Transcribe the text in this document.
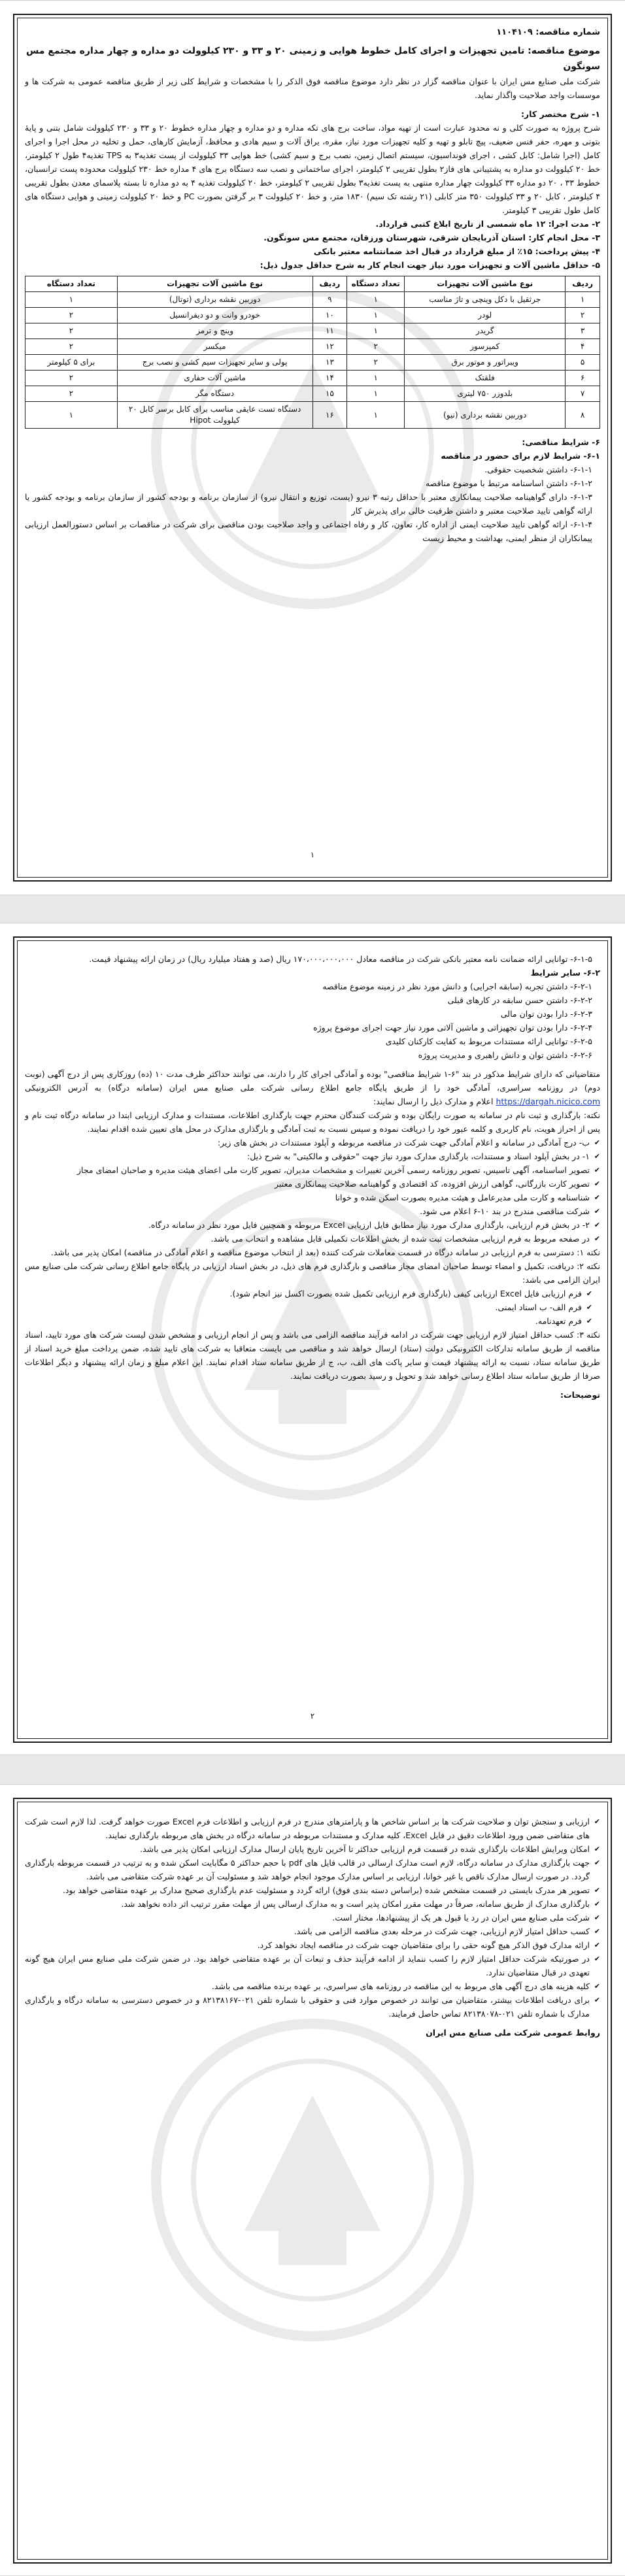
شماره مناقصه: ۱۱۰۴۱۰۹

موضوع مناقصه: تامین تجهیزات و اجرای کامل خطوط هوایی و زمینی ۲۰ و ۳۳ و ۲۳۰ کیلوولت دو مداره و چهار مداره مجتمع مس سونگون

شرکت ملی صنایع مس ایران با عنوان مناقصه گزار در نظر دارد موضوع مناقصه فوق الذکر را با مشخصات و شرایط کلی زیر از طریق مناقصه عمومی به شرکت ها و موسسات واجد صلاحیت واگذار نماید.

۱- شرح مختصر کار:

شرح پروژه به صورت کلی و نه محدود عبارت است از تهیه مواد، ساخت برج های تکه مداره و دو مداره و چهار مداره خطوط ۲۰ و ۳۳ و ۲۳۰ کیلوولت شامل بتنی و پایهٔ بتونی و مهره، حفر فنس ضعیف، پیچ تابلو و تهیه و کلیه تجهیزات مورد نیاز، مقره، یراق آلات و سیم هادی و محافظ، آزمایش کارهای، حمل و تخلیه در محل اجرا و اجرای کامل (اجرا شامل: کابل کشی ، اجرای فونداسیون، سیستم اتصال زمین، نصب برج و سیم کشی) خط هوایی ۳۳ کیلوولت از پست تغذیه۳ به TPS تغذیه۴ طول ۲ کیلومتر، خط ۲۰ کیلوولت دو مداره به پشتیبانی های فاز۲ بطول تقریبی ۲ کیلومتر، اجرای ساختمانی و نصب سه دستگاه برج های ۴ مداره خط ۲۳۰ کیلوولت محدوده پست ترانسبان، خطوط ۳۳ ، ۲۰ دو مداره ۳۳ کیلوولت چهار مداره منتهی به پست تغذیه۳ بطول تقریبی ۲ کیلومتر، خط ۲۰ کیلوولت تغذیه ۴ به دو مداره تا بسته پلاسمای معدن بطول تقریبی ۴ کیلومتر ، کابل ۲۰ و ۳۳ کیلوولت ۳۵۰ متر کابلی (۲۱ رشته تک سیم) ۱۸۳۰ متر، و خط ۲۰ کیلوولت ۳ بر گرفتن بصورت PC و خط ۲۰ کیلوولت زمینی و هوایی دستگاه های کامل طول تقریبی ۳ کیلومتر.

۲- مدت اجرا: ۱۲ ماه شمسی از تاریخ ابلاغ کتبی قرارداد.

۳- محل انجام کار: استان آذربایجان شرقی، شهرستان ورزقان، مجتمع مس سونگون.

۴- پیش پرداخت: ۱۵٪ از مبلغ قرارداد در قبال اخذ ضمانتنامه معتبر بانکی

۵- حداقل ماشین آلات و تجهیزات مورد نیاز جهت انجام کار به شرح حداقل جدول ذیل:

ردیف	نوع ماشین آلات تجهیزات	تعداد دستگاه	ردیف	نوع ماشین آلات تجهیزات	تعداد دستگاه
۱	جرثقیل با دکل وینچی و تاژ مناسب	۱	۹	دوربین نقشه برداری (توتال)	۱
۲	لودر	۱	۱۰	خودرو وانت و دو دیفرانسیل	۲
۳	گریدر	۱	۱۱	وینچ و ترمز	۲
۴	کمپرسور	۲	۱۲	میکسر	۲
۵	ویبراتور و موتور برق	۲	۱۳	پولی و سایر تجهیزات سیم کشی و نصب برج	برای ۵ کیلومتر
۶	فلقتک	۱	۱۴	ماشین آلات حفاری	۲
۷	بلدوزر ۷۵۰ لیتری	۱	۱۵	دستگاه مگر	۲
۸	دوربین نقشه برداری (نیو)	۱	۱۶	دستگاه تست عایقی مناسب برای کابل برسر کابل ۲۰ کیلوولت Hipot	۱

۶- شرایط مناقصی:

۶-۱- شرایط لازم برای حضور در مناقصه

۶-۱-۱- داشتن شخصیت حقوقی.

۶-۱-۲- داشتن اساسنامه مرتبط با موضوع مناقصه

۶-۱-۳- دارای گواهینامه صلاحیت پیمانکاری معتبر با حداقل رتبه ۳ نیرو (پست، توزیع و انتقال نیرو) از سازمان برنامه و بودجه کشور از سازمان برنامه و بودجه کشور یا ارائه گواهی تایید صلاحیت معتبر و داشتن ظرفیت خالی برای پذیرش کار

۶-۱-۴- ارائه گواهی تایید صلاحیت ایمنی از اداره کار، تعاون، کار و رفاه اجتماعی و واجد صلاحیت بودن مناقصی برای شرکت در مناقصات بر اساس دستورالعمل ارزیابی پیمانکاران از منظر ایمنی، بهداشت و محیط زیست

۱

۶-۱-۵- توانایی ارائه ضمانت نامه معتبر بانکی شرکت در مناقصه معادل ۱۷۰،۰۰۰،۰۰۰،۰۰۰ ریال (صد و هفتاد میلیارد ریال) در زمان ارائه پیشنهاد قیمت.

۶-۲- سایر شرایط

۶-۲-۱- داشتن تجربه (سابقه اجرایی) و دانش مورد نظر در زمینه موضوع مناقصه

۶-۲-۲- داشتن حسن سابقه در کارهای قبلی

۶-۲-۳- دارا بودن توان مالی

۶-۲-۴- دارا بودن توان تجهیزاتی و ماشین آلاتی مورد نیاز جهت اجرای موضوع پروژه

۶-۲-۵- توانایی ارائه مستندات مربوط به کفایت کارکنان کلیدی

۶-۲-۶- داشتن توان و دانش راهبری و مدیریت پروژه

متقاضیانی که دارای شرایط مذکور در بند "۶-۱ شرایط مناقصی" بوده و آمادگی اجرای کار را دارند، می توانند حداکثر ظرف مدت ۱۰ (ده) روزکاری پس از درج آگهی (نوبت دوم) در روزنامه سراسری، آمادگی خود را از طریق پایگاه جامع اطلاع رسانی شرکت ملی صنایع مس ایران (سامانه درگاه) به آدرس الکترونیکی https://dargah.nicico.com اعلام و مدارک ذیل را ارسال نمایند:

نکته: بارگذاری و ثبت نام در سامانه به صورت رایگان بوده و شرکت کنندگان محترم جهت بارگذاری اطلاعات، مستندات و مدارک ارزیابی ابتدا در سامانه درگاه ثبت نام و پس از احراز هویت، نام کاربری و کلمه عبور خود را دریافت نموده و سپس نسبت به ثبت آمادگی و بارگذاری مدارک در محل های تعیین شده اقدام نمایند.

✔ ب- درج آمادگی در سامانه و اعلام آمادگی جهت شرکت در مناقصه مربوطه و آپلود مستندات در بخش های زیر:

✔ ۱- در بخش آپلود اسناد و مستندات، بارگذاری مدارک مورد نیاز جهت "حقوقی و مالکیتی" به شرح ذیل:

✔ تصویر اساسنامه، آگهی تاسیس، تصویر روزنامه رسمی آخرین تغییرات و مشخصات مدیران، تصویر کارت ملی اعضای هیئت مدیره و صاحبان امضای مجاز

✔ تصویر کارت بازرگانی، گواهی ارزش افزوده، کد اقتصادی و گواهینامه صلاحیت پیمانکاری معتبر

✔ شناسنامه و کارت ملی مدیرعامل و هیئت مدیره بصورت اسکن شده و خوانا

✔ شرکت مناقصی مندرج در بند ۱۰-۶ اعلام می شود.

✔ ۲- در بخش فرم ارزیابی، بارگذاری مدارک مورد نیاز مطابق فایل ارزیابی Excel مربوطه و همچنین فایل مورد نظر در سامانه درگاه.

✔ در صفحه مربوط به فرم ارزیابی مشخصات ثبت شده از بخش اطلاعات تکمیلی قابل مشاهده و انتخاب می باشد.

نکته ۱: دسترسی به فرم ارزیابی در سامانه درگاه در قسمت معاملات شرکت کننده (بعد از انتخاب موضوع مناقصه و اعلام آمادگی در مناقصه) امکان پذیر می باشد.

نکته ۲: دریافت، تکمیل و امضاء توسط صاحبان امضای مجاز مناقصی و بارگذاری فرم های ذیل، در بخش اسناد ارزیابی در پایگاه جامع اطلاع رسانی شرکت ملی صنایع مس ایران الزامی می باشد:

✔ فرم ارزیابی فایل Excel ارزیابی کیفی (بارگذاری فرم ارزیابی تکمیل شده بصورت اکسل نیز انجام شود).

✔ فرم الف- ب اسناد ایمنی.

✔ فرم تعهدنامه.

نکته ۳: کسب حداقل امتیاز لازم ارزیابی جهت شرکت در ادامه فرآیند مناقصه الزامی می باشد و پس از انجام ارزیابی و مشخص شدن لیست شرکت های مورد تایید، اسناد مناقصه از طریق سامانه تدارکات الکترونیکی دولت (ستاد) ارسال خواهد شد و مناقصی می بایست متعاقبا به شرکت های تایید شده، ضمن پرداخت مبلغ خرید اسناد از طریق سامانه ستاد، نسبت به ارائه پیشنهاد قیمت و سایر پاکت های الف، ب، ج از طریق سامانه ستاد اقدام نمایند. این اعلام مبلغ و زمان ارائه پیشنهاد و دیگر اطلاعات صرفا از طریق سامانه ستاد اطلاع رسانی خواهد شد و تحویل و رسید بصورت دریافت نمایند.

توضیحات:

۲

✔ ارزیابی و سنجش توان و صلاحیت شرکت ها بر اساس شاخص ها و پارامترهای مندرج در فرم ارزیابی و اطلاعات فرم Excel صورت خواهد گرفت. لذا لازم است شرکت های متقاضی ضمن ورود اطلاعات دقیق در فایل Excel، کلیه مدارک و مستندات مربوطه در سامانه درگاه در بخش های مربوطه بارگذاری نمایند.

✔ امکان ویرایش اطلاعات بارگذاری شده در قسمت فرم ارزیابی حداکثر تا آخرین تاریخ پایان ارسال مدارک ارزیابی امکان پذیر می باشد.

✔ جهت بارگذاری مدارک در سامانه درگاه، لازم است مدارک ارسالی در قالب فایل های pdf با حجم حداکثر ۵ مگابایت اسکن شده و به ترتیب در قسمت مربوطه بارگذاری گردد. در صورت ارسال مدارک ناقص یا غیر خوانا، ارزیابی بر اساس مدارک موجود انجام خواهد شد و مسئولیت آن بر عهده شرکت متقاضی می باشد.

✔ تصویر هر مدرک بایستی در قسمت مشخص شده (براساس دسته بندی فوق) ارائه گردد و مسئولیت عدم بارگذاری صحیح مدارک بر عهده متقاضی خواهد بود.

✔ بارگذاری مدارک از طریق سامانه، صرفاً در مهلت مقرر امکان پذیر است و به مدارک ارسالی پس از مهلت مقرر ترتیب اثر داده نخواهد شد.

✔ شرکت ملی صنایع مس ایران در رد یا قبول هر یک از پیشنهادها، مختار است.

✔ کسب حداقل امتیاز لازم ارزیابی، جهت شرکت در مرحله بعدی مناقصه الزامی می باشد.

✔ ارائه مدارک فوق الذکر هیچ گونه حقی را برای متقاضیان جهت شرکت در مناقصه ایجاد نخواهد کرد.

✔ در صورتیکه شرکت حداقل امتیاز لازم را کسب ننماید از ادامه فرآیند حذف و تبعات آن بر عهده متقاضی خواهد بود. در ضمن شرکت ملی صنایع مس ایران هیچ گونه تعهدی در قبال متقاضیان ندارد.

✔ کلیه هزینه های درج آگهی های مربوط به این مناقصه در روزنامه های سراسری، بر عهده برنده مناقصه می باشد.

✔ برای دریافت اطلاعات بیشتر، متقاضیان می توانند در خصوص موارد فنی و حقوقی با شماره تلفن ۰۲۱-۸۲۱۳۸۱۶۷ و در خصوص دسترسی به سامانه درگاه و بارگذاری مدارک با شماره تلفن ۰۲۱-۸۲۱۳۸۰۷۸ تماس حاصل فرمایند.

روابط عمومی شرکت ملی صنایع مس ایران
